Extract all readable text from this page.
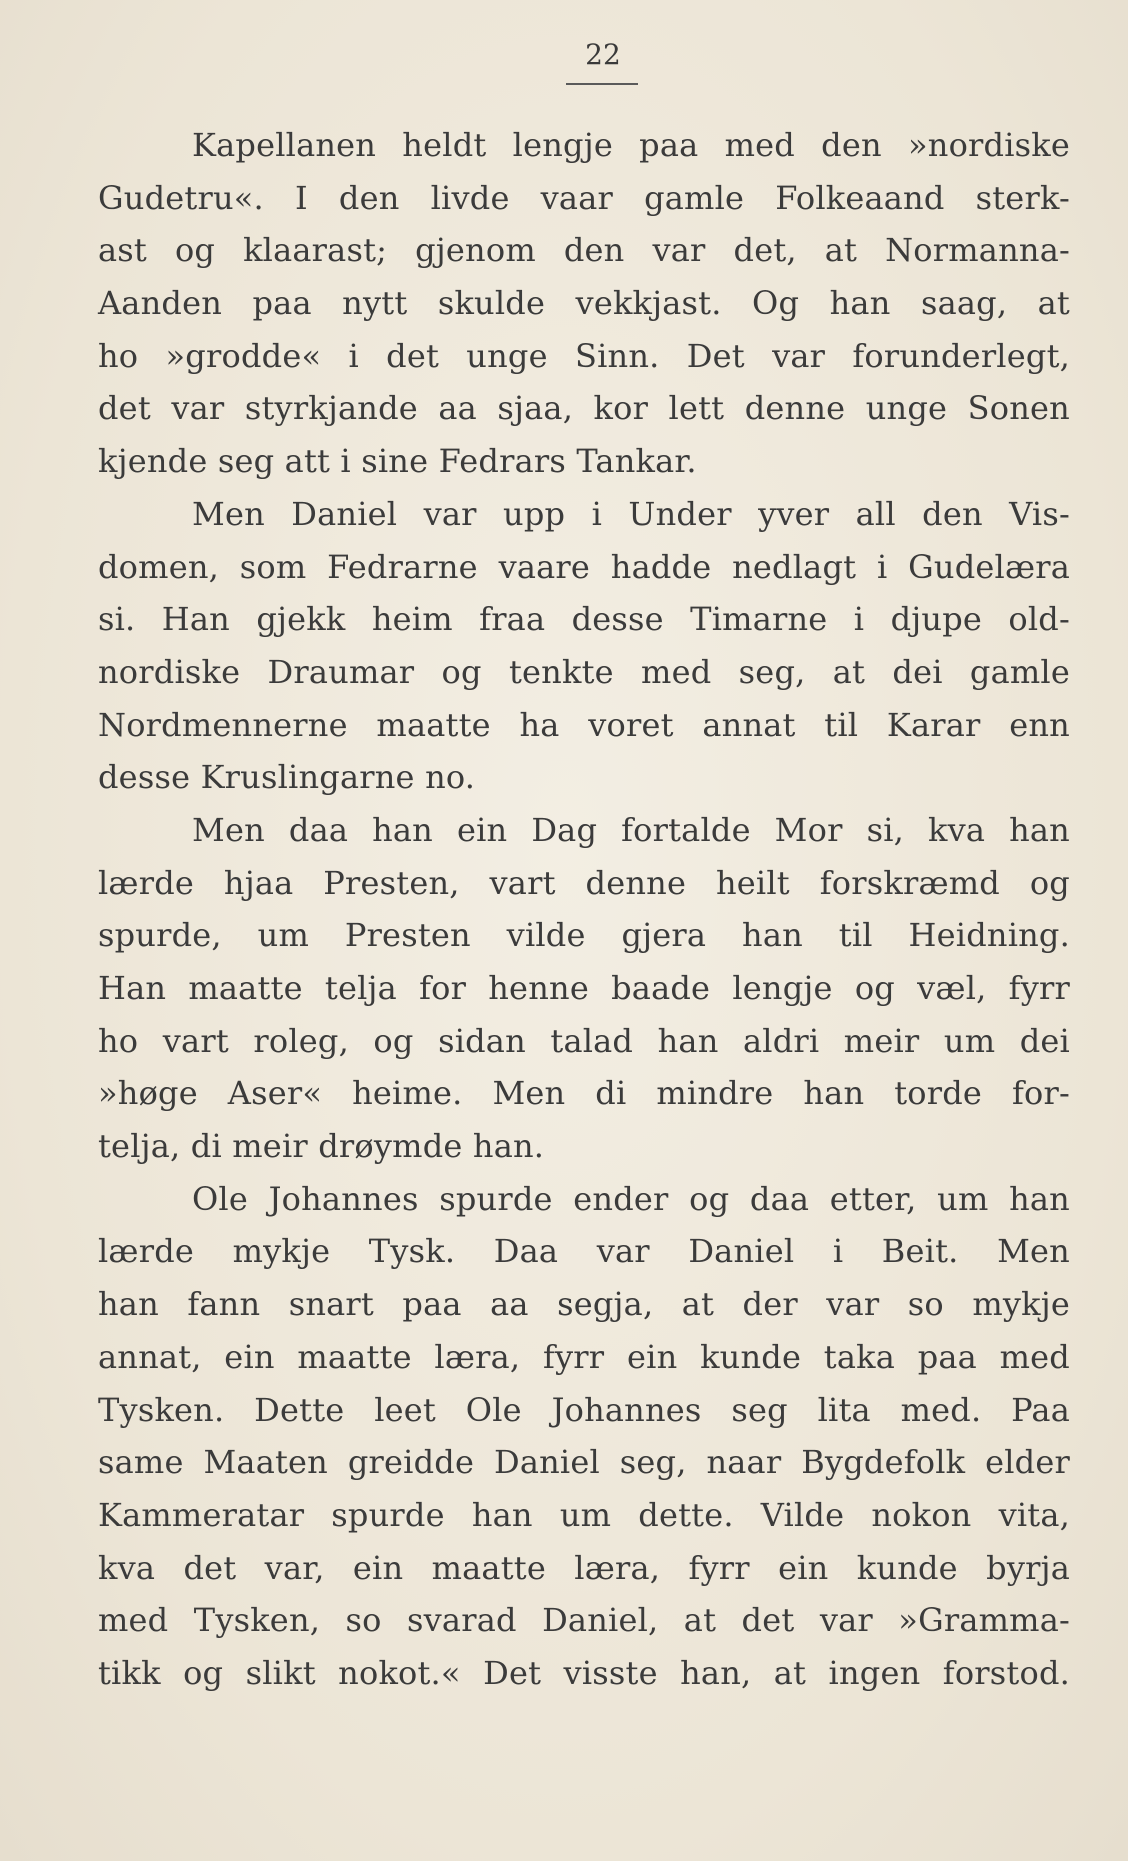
22
Kapellanen heldt lengje paa med den »nordiske
Gudetru«. I den livde vaar gamle Folkeaand sterk-
ast og klaarast; gjenom den var det, at Normanna-
Aanden paa nytt skulde vekkjast. Og han saag, at
ho »grodde« i det unge Sinn. Det var forunderlegt,
det var styrkjande aa sjaa, kor lett denne unge Sonen
kjende seg att i sine Fedrars Tankar.
Men Daniel var upp i Under yver all den Vis-
domen, som Fedrarne vaare hadde nedlagt i Gudelæra
si. Han gjekk heim fraa desse Timarne i djupe old-
nordiske Draumar og tenkte med seg, at dei gamle
Nordmennerne maatte ha voret annat til Karar enn
desse Kruslingarne no.
Men daa han ein Dag fortalde Mor si, kva han
lærde hjaa Presten, vart denne heilt forskræmd og
spurde, um Presten vilde gjera han til Heidning.
Han maatte telja for henne baade lengje og væl, fyrr
ho vart roleg, og sidan talad han aldri meir um dei
»høge Aser« heime. Men di mindre han torde for-
telja, di meir drøymde han.
Ole Johannes spurde ender og daa etter, um han
lærde mykje Tysk. Daa var Daniel i Beit. Men
han fann snart paa aa segja, at der var so mykje
annat, ein maatte læra, fyrr ein kunde taka paa med
Tysken. Dette leet Ole Johannes seg lita med. Paa
same Maaten greidde Daniel seg, naar Bygdefolk elder
Kammeratar spurde han um dette. Vilde nokon vita,
kva det var, ein maatte læra, fyrr ein kunde byrja
med Tysken, so svarad Daniel, at det var »Gramma-
tikk og slikt nokot.« Det visste han, at ingen forstod.
